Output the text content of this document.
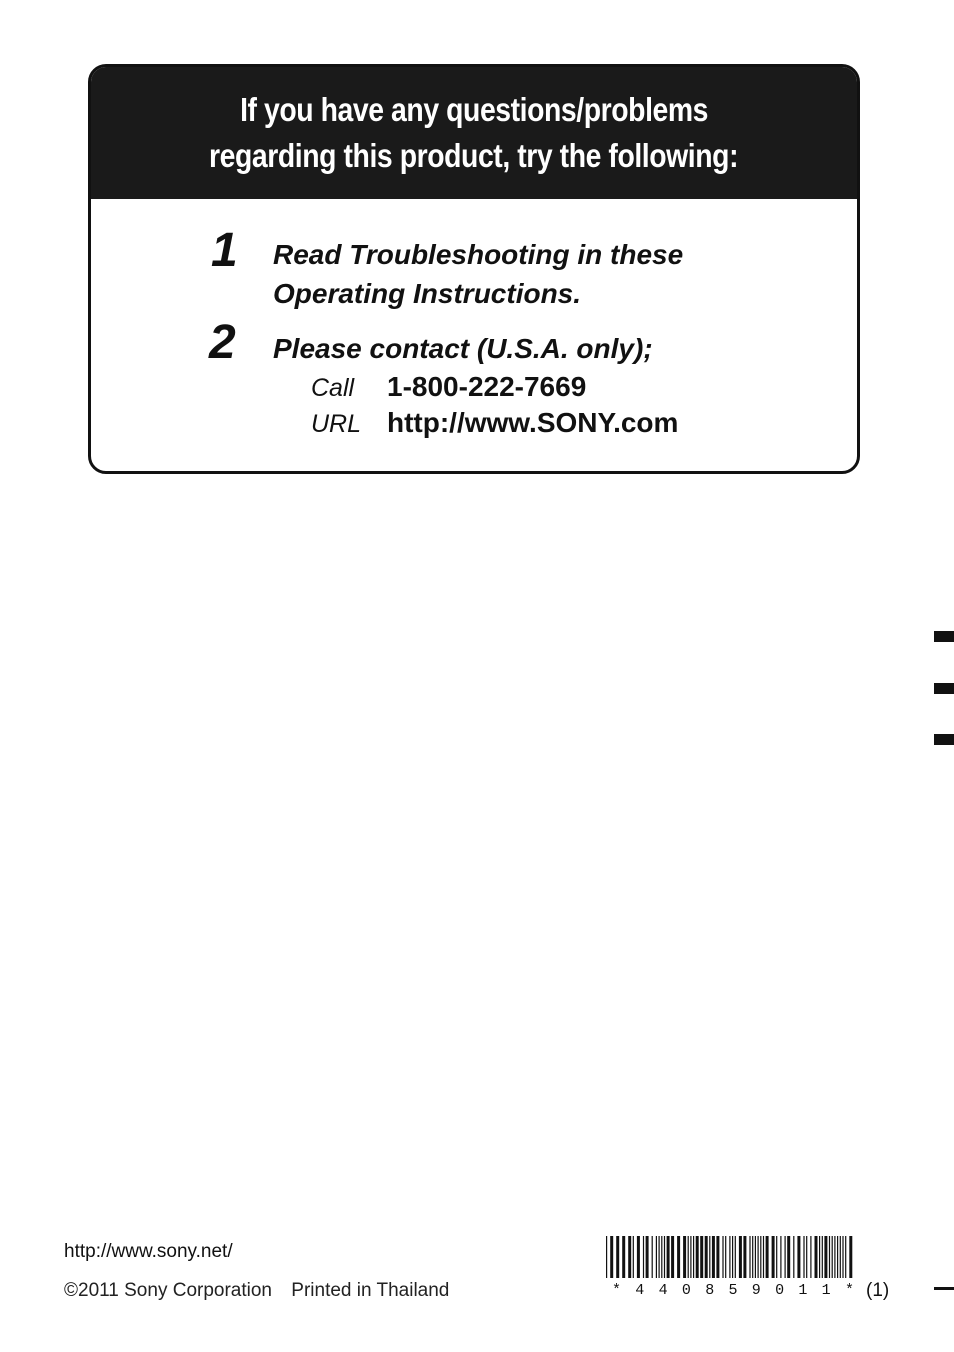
If you have any questions/problems
regarding this product, try the following:
1 Read Troubleshooting in these
Operating Instructions.
2 Please contact (U.S.A. only);
Call	1-800-222-7669
URL http://www.SONY.com
http://www.sony.net/
©2011 Sony Corporation Printed in Thailand	* 4 4 0 8 5 9 0 1 1 * (1)
